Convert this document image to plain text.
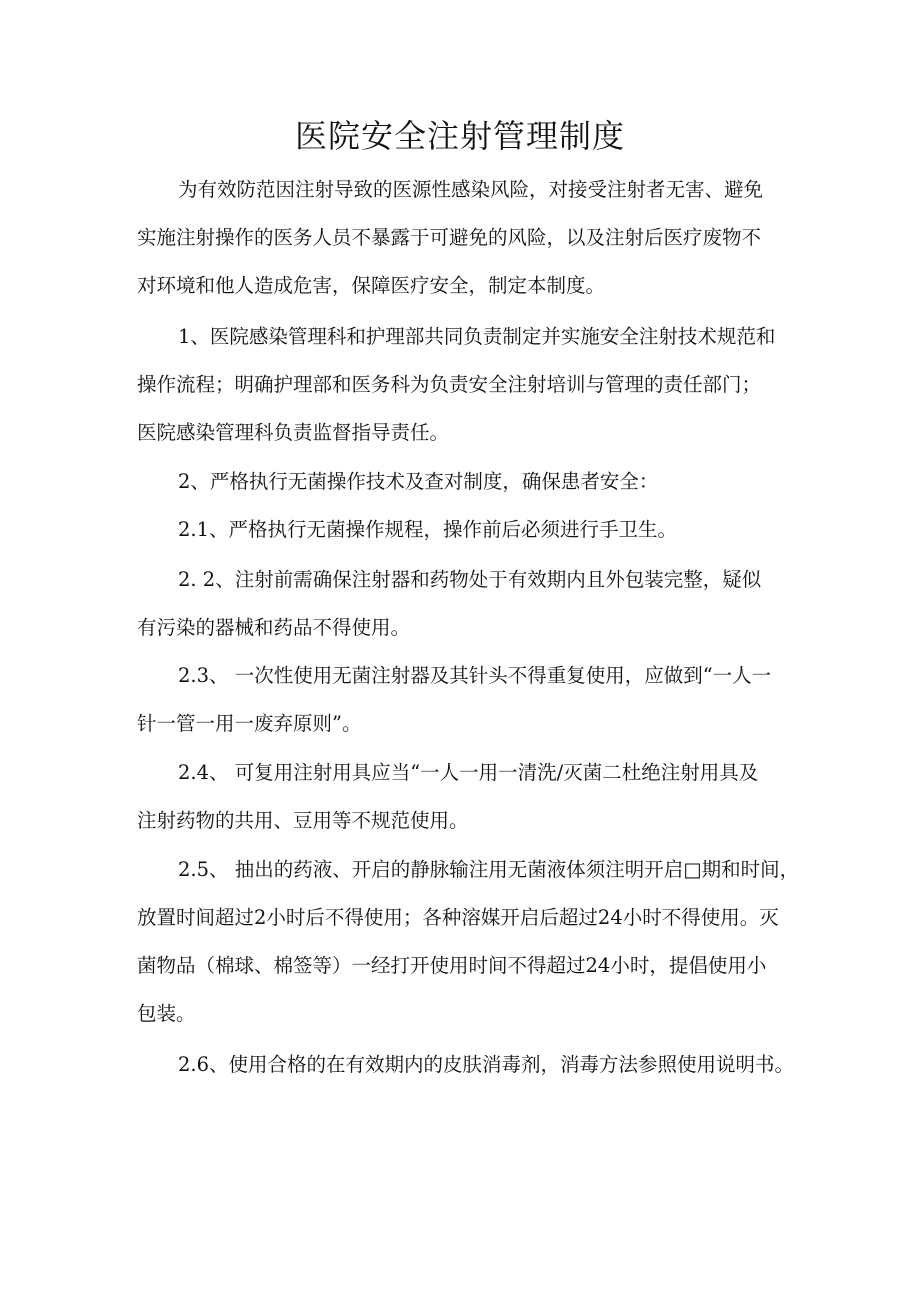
医院安全注射管理制度

为有效防范因注射导致的医源性感染风险，对接受注射者无害、避免
实施注射操作的医务人员不暴露于可避免的风险，以及注射后医疗废物不
对环境和他人造成危害，保障医疗安全，制定本制度。

1、医院感染管理科和护理部共同负责制定并实施安全注射技术规范和
操作流程；明确护理部和医务科为负责安全注射培训与管理的责任部门；
医院感染管理科负责监督指导责任。

2、严格执行无菌操作技术及查对制度，确保患者安全：

2.1、严格执行无菌操作规程，操作前后必须进行手卫生。

2. 2、注射前需确保注射器和药物处于有效期内且外包装完整，疑似
有污染的器械和药品不得使用。

2.3、 一次性使用无菌注射器及其针头不得重复使用，应做到“一人一
针一管一用一废弃原则”。

2.4、 可复用注射用具应当“一人一用一清洗/灭菌二杜绝注射用具及
注射药物的共用、豆用等不规范使用。

2.5、 抽出的药液、开启的静脉输注用无菌液体须注明开启□期和时间，
放置时间超过2小时后不得使用；各种溶媒开启后超过24小时不得使用。灭
菌物品（棉球、棉签等）一经打开使用时间不得超过24小时，提倡使用小
包装。

2.6、使用合格的在有效期内的皮肤消毒剂，消毒方法参照使用说明书。
